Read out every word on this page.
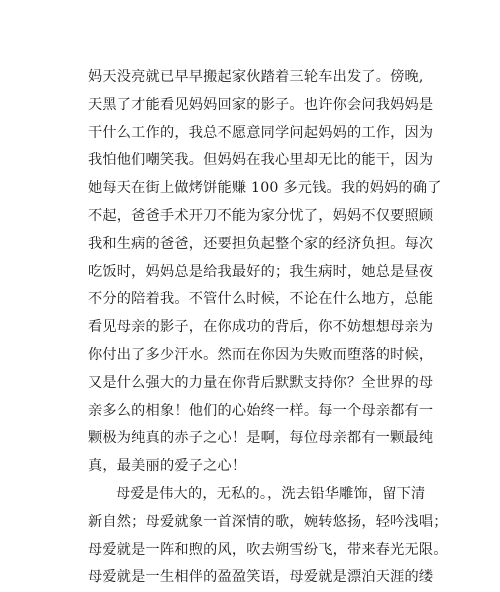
妈天没亮就已早早搬起家伙踏着三轮车出发了。傍晚,
天黑了才能看见妈妈回家的影子。也许你会问我妈妈是
干什么工作的，我总不愿意同学问起妈妈的工作，因为
我怕他们嘲笑我。但妈妈在我心里却无比的能干，因为
她每天在街上做烤饼能赚 100 多元钱。我的妈妈的确了
不起，爸爸手术开刀不能为家分忧了，妈妈不仅要照顾
我和生病的爸爸，还要担负起整个家的经济负担。每次
吃饭时，妈妈总是给我最好的；我生病时，她总是昼夜
不分的陪着我。不管什么时候，不论在什么地方，总能
看见母亲的影子，在你成功的背后，你不妨想想母亲为
你付出了多少汗水。然而在你因为失败而堕落的时候，
又是什么强大的力量在你背后默默支持你？全世界的母
亲多么的相象！他们的心始终一样。每一个母亲都有一
颗极为纯真的赤子之心！是啊，每位母亲都有一颗最纯
真，最美丽的爱子之心！
母爱是伟大的，无私的。，洗去铅华雕饰，留下清
新自然；母爱就象一首深情的歌，婉转悠扬，轻吟浅唱；
母爱就是一阵和煦的风，吹去朔雪纷飞，带来春光无限。
母爱就是一生相伴的盈盈笑语，母爱就是漂泊天涯的缕
